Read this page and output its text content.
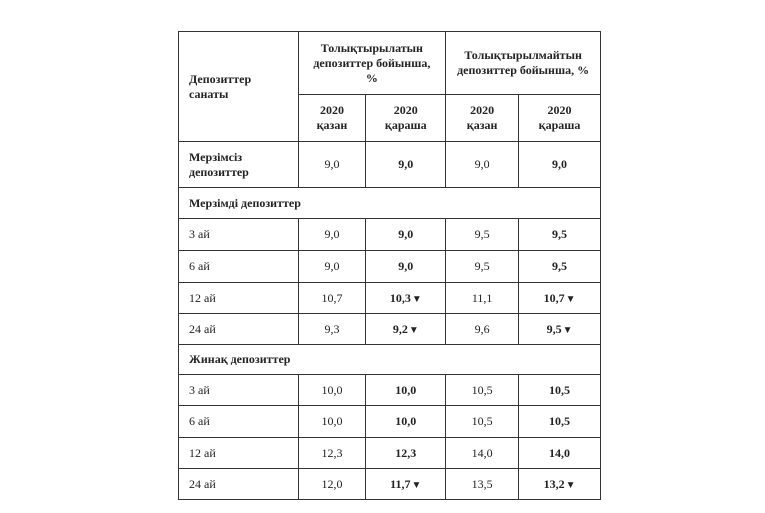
Депозиттер санаты	Толықтырылатын депозиттер бойынша, %		Толықтырылмайтын депозиттер бойынша, %	
	2020 қазан	2020 қараша	2020 қазан	2020 қараша
Мерзімсіз депозиттер	9,0	9,0	9,0	9,0
Мерзімді депозиттер				
3 ай	9,0	9,0	9,5	9,5
6 ай	9,0	9,0	9,5	9,5
12 ай	10,7	10,3▼	11,1	10,7▼
24 ай	9,3	9,2▼	9,6	9,5▼
Жинақ депозиттер				
3 ай	10,0	10,0	10,5	10,5
6 ай	10,0	10,0	10,5	10,5
12 ай	12,3	12,3	14,0	14,0
24 ай	12,0	11,7▼	13,5	13,2▼
